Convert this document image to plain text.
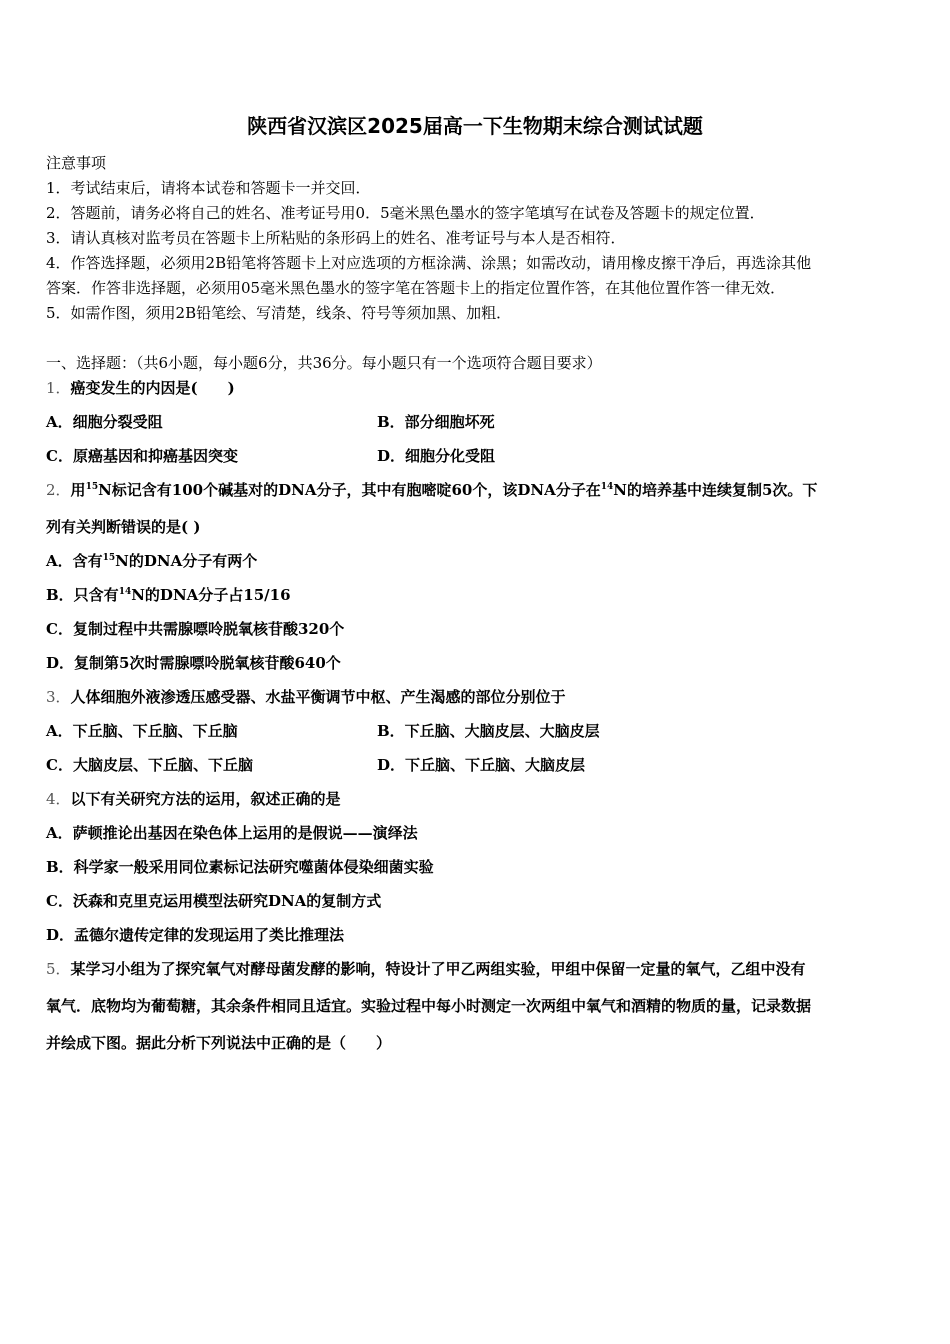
陕西省汉滨区2025届高一下生物期末综合测试试题
注意事项
1．考试结束后，请将本试卷和答题卡一并交回．
2．答题前，请务必将自己的姓名、准考证号用0．5毫米黑色墨水的签字笔填写在试卷及答题卡的规定位置．
3．请认真核对监考员在答题卡上所粘贴的条形码上的姓名、准考证号与本人是否相符．
4．作答选择题，必须用2B铅笔将答题卡上对应选项的方框涂满、涂黑；如需改动，请用橡皮擦干净后，再选涂其他
答案．作答非选择题，必须用05毫米黑色墨水的签字笔在答题卡上的指定位置作答，在其他位置作答一律无效．
5．如需作图，须用2B铅笔绘、写清楚，线条、符号等须加黑、加粗．
一、选择题：（共6小题，每小题6分，共36分。每小题只有一个选项符合题目要求）
1．癌变发生的内因是(　　)
A．细胞分裂受阻	B．部分细胞坏死
C．原癌基因和抑癌基因突变	D．细胞分化受阻
2．用$^{15}$N标记含有100个碱基对的DNA分子，其中有胞嘧啶60个，该DNA分子在$^{14}$N的培养基中连续复制5次。下
列有关判断错误的是( )
A．含有$^{15}$N的DNA分子有两个
B．只含有$^{14}$N的DNA分子占15/16
C．复制过程中共需腺嘌呤脱氧核苷酸320个
D．复制第5次时需腺嘌呤脱氧核苷酸640个
3．人体细胞外液渗透压感受器、水盐平衡调节中枢、产生渴感的部位分别位于
A．下丘脑、下丘脑、下丘脑	B．下丘脑、大脑皮层、大脑皮层
C．大脑皮层、下丘脑、下丘脑	D．下丘脑、下丘脑、大脑皮层
4．以下有关研究方法的运用，叙述正确的是
A．萨顿推论出基因在染色体上运用的是假说——演绎法
B．科学家一般采用同位素标记法研究噬菌体侵染细菌实验
C．沃森和克里克运用模型法研究DNA的复制方式
D．孟德尔遗传定律的发现运用了类比推理法
5．某学习小组为了探究氧气对酵母菌发酵的影响，特设计了甲乙两组实验，甲组中保留一定量的氧气，乙组中没有
氧气．底物均为葡萄糖，其余条件相同且适宜。实验过程中每小时测定一次两组中氧气和酒精的物质的量，记录数据
并绘成下图。据此分析下列说法中正确的是（　　）
